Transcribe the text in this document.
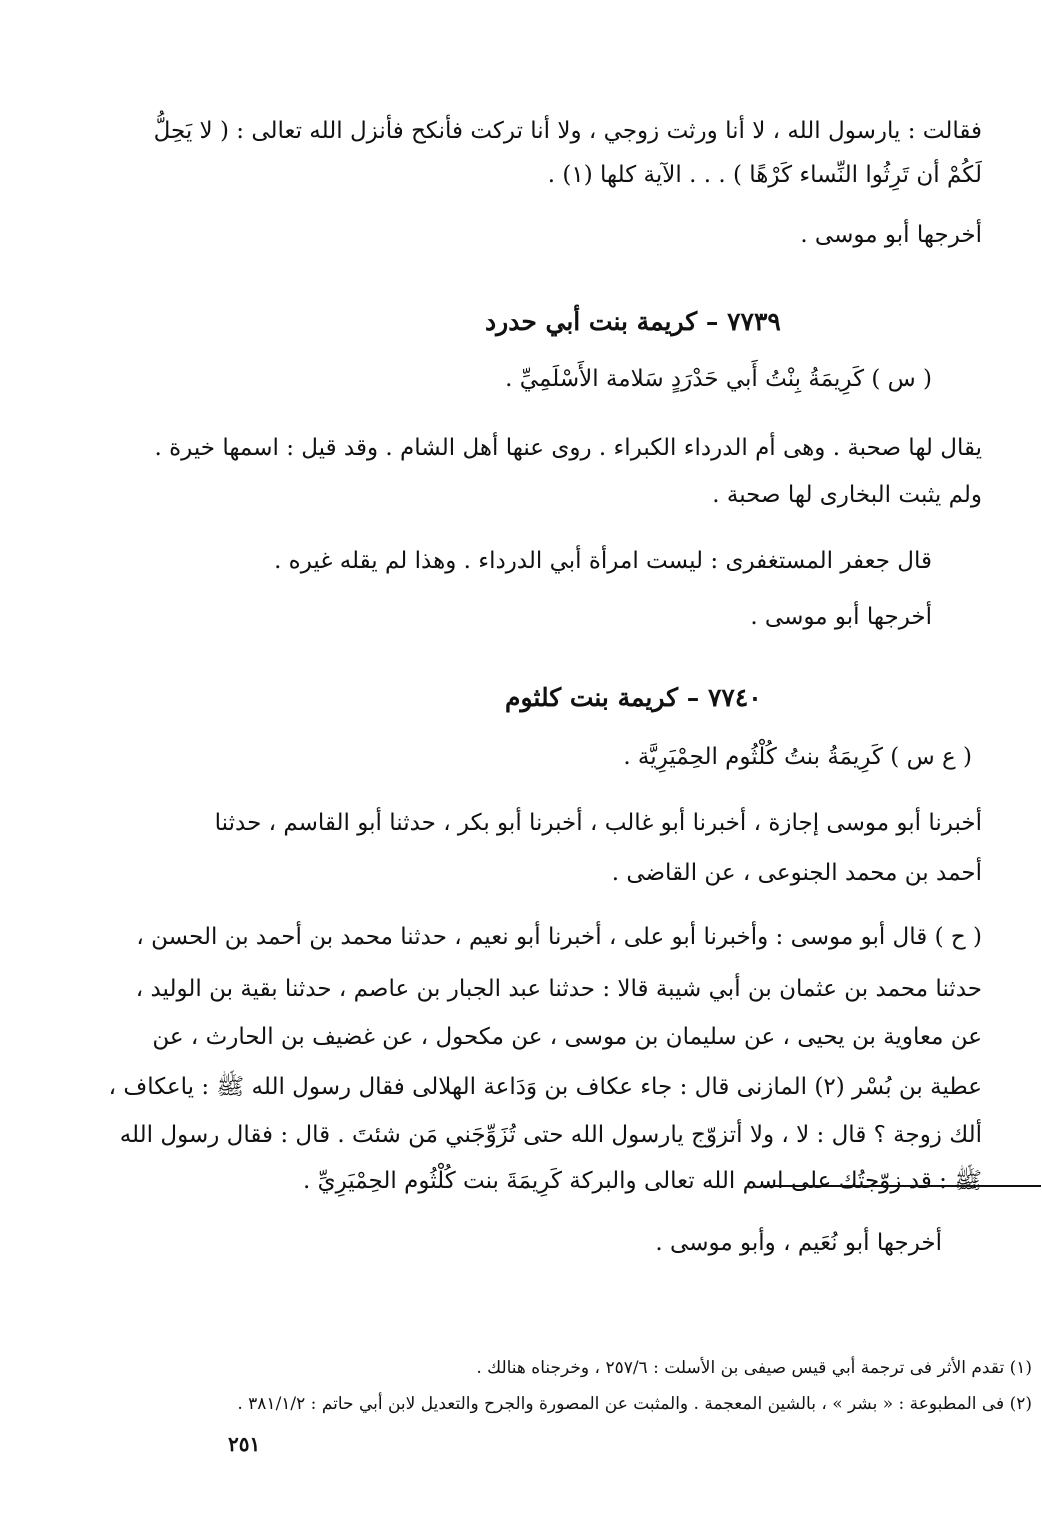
فقالت : يارسول الله ، لا أنا ورثت زوجي ، ولا أنا تركت فأنكح فأنزل الله تعالى : ( لا يَحِلُّ
لَكُمْ أن تَرِثُوا النِّساء كَرْهًا ) . . . الآية كلها (١) .
أخرجها أبو موسى .
٧٧٣٩ – كريمة بنت أبي حدرد
( س ) كَرِيمَةُ بِنْتُ أَبي حَدْرَدٍ سَلامة الأَسْلَمِيِّ .
يقال لها صحبة . وهى أم الدرداء الكبراء . روى عنها أهل الشام . وقد قيل : اسمها خيرة .
ولم يثبت البخارى لها صحبة .
قال جعفر المستغفرى : ليست امرأة أبي الدرداء . وهذا لم يقله غيره .
أخرجها أبو موسى .
٧٧٤٠ – كريمة بنت كلثوم
( ع س ) كَرِيمَةُ بنتُ كُلْثُوم الحِمْيَرِيَّة .
أخبرنا أبو موسى إجازة ، أخبرنا أبو غالب ، أخبرنا أبو بكر ، حدثنا أبو القاسم ، حدثنا
أحمد بن محمد الجنوعى ، عن القاضى .
( ح ) قال أبو موسى : وأخبرنا أبو على ، أخبرنا أبو نعيم ، حدثنا محمد بن أحمد بن الحسن ،
حدثنا محمد بن عثمان بن أبي شيبة قالا : حدثنا عبد الجبار بن عاصم ، حدثنا بقية بن الوليد ،
عن معاوية بن يحيى ، عن سليمان بن موسى ، عن مكحول ، عن غضيف بن الحارث ، عن
عطية بن بُسْر (٢) المازنى قال : جاء عكاف بن وَدَاعة الهلالى فقال رسول الله ﷺ : ياعكاف ،
ألك زوجة ؟ قال : لا ، ولا أتزوّج يارسول الله حتى تُزَوِّجَني مَن شئتَ . قال : فقال رسول الله
ﷺ : قد زوّجتُك على اسم الله تعالى والبركة كَرِيمَةَ بنت كُلْثُوم الحِمْيَرِيِّ .
أخرجها أبو نُعَيم ، وأبو موسى .
(١) تقدم الأثر فى ترجمة أبي قيس صيفى بن الأسلت : ٢٥٧/٦ ، وخرجناه هنالك .
(٢) فى المطبوعة : « بشر » ، بالشين المعجمة . والمثبت عن المصورة والجرح والتعديل لابن أبي حاتم : ٣٨١/١/٢ .
٢٥١
